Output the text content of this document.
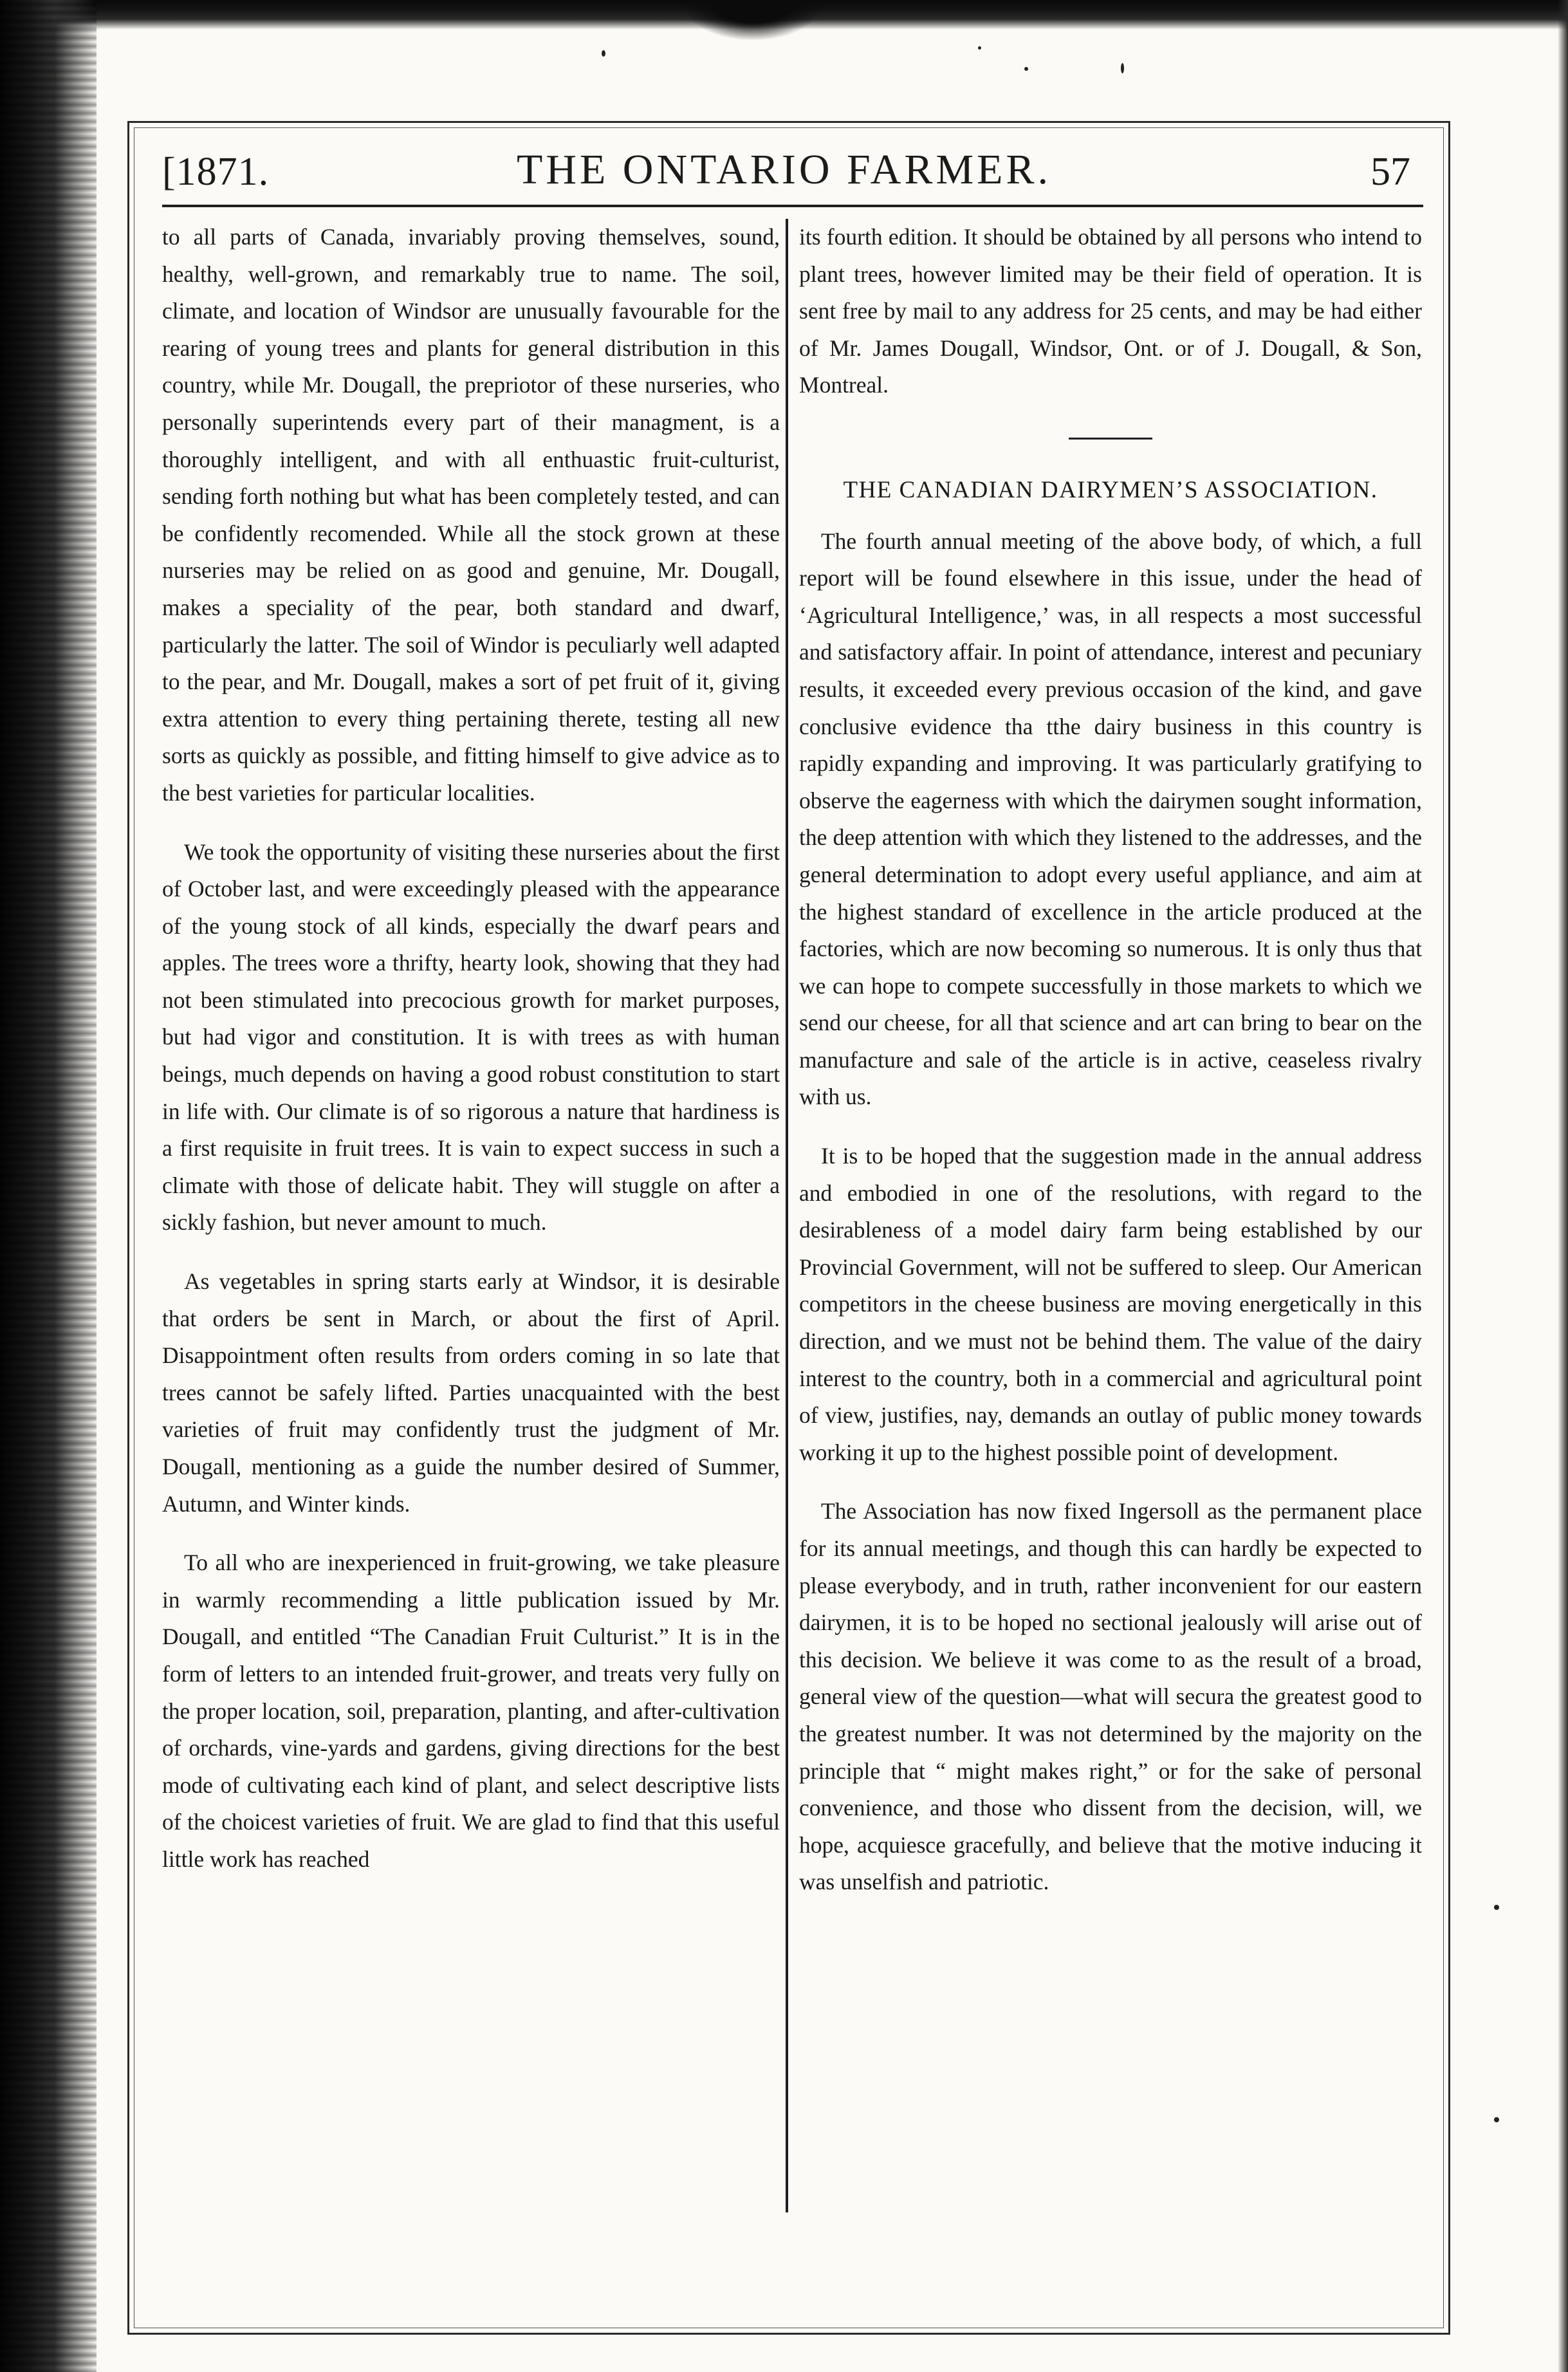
[1871.	THE ONTARIO FARMER.	57

to all parts of Canada, invariably proving themselves, sound, healthy, well-grown, and remarkably true to name. The soil, climate, and location of Windsor are unusually favourable for the rearing of young trees and plants for general distribution in this country, while Mr. Dougall, the prepriotor of these nurseries, who personally superintends every part of their managment, is a thoroughly intelligent, and with all enthuastic fruit-culturist, sending forth nothing but what has been completely tested, and can be confidently recomended. While all the stock grown at these nurseries may be relied on as good and genuine, Mr. Dougall, makes a speciality of the pear, both standard and dwarf, particularly the latter. The soil of Windor is peculiarly well adapted to the pear, and Mr. Dougall, makes a sort of pet fruit of it, giving extra attention to every thing pertaining therete, testing all new sorts as quickly as possible, and fitting himself to give advice as to the best varieties for particular localities.

We took the opportunity of visiting these nurseries about the first of October last, and were exceedingly pleased with the appearance of the young stock of all kinds, especially the dwarf pears and apples. The trees wore a thrifty, hearty look, showing that they had not been stimulated into precocious growth for market purposes, but had vigor and constitution. It is with trees as with human beings, much depends on having a good robust constitution to start in life with. Our climate is of so rigorous a nature that hardiness is a first requisite in fruit trees. It is vain to expect success in such a climate with those of delicate habit. They will stuggle on after a sickly fashion, but never amount to much.

As vegetables in spring starts early at Windsor, it is desirable that orders be sent in March, or about the first of April. Disappointment often results from orders coming in so late that trees cannot be safely lifted. Parties unacquainted with the best varieties of fruit may confidently trust the judgment of Mr. Dougall, mentioning as a guide the number desired of Summer, Autumn, and Winter kinds.

To all who are inexperienced in fruit-growing, we take pleasure in warmly recommending a little publication issued by Mr. Dougall, and entitled “The Canadian Fruit Culturist.” It is in the form of letters to an intended fruit-grower, and treats very fully on the proper location, soil, preparation, planting, and after-cultivation of orchards, vine-yards and gardens, giving directions for the best mode of cultivating each kind of plant, and select descriptive lists of the choicest varieties of fruit. We are glad to find that this useful little work has reached

its fourth edition. It should be obtained by all persons who intend to plant trees, however limited may be their field of operation. It is sent free by mail to any address for 25 cents, and may be had either of Mr. James Dougall, Windsor, Ont. or of J. Dougall, & Son, Montreal.

THE CANADIAN DAIRYMEN’S ASSOCIATION.

The fourth annual meeting of the above body, of which, a full report will be found elsewhere in this issue, under the head of ‘Agricultural Intelligence,’ was, in all respects a most successful and satisfactory affair. In point of attendance, interest and pecuniary results, it exceeded every previous occasion of the kind, and gave conclusive evidence tha tthe dairy business in this country is rapidly expanding and improving. It was particularly gratifying to observe the eagerness with which the dairymen sought information, the deep attention with which they listened to the addresses, and the general determination to adopt every useful appliance, and aim at the highest standard of excellence in the article produced at the factories, which are now becoming so numerous. It is only thus that we can hope to compete successfully in those markets to which we send our cheese, for all that science and art can bring to bear on the manufacture and sale of the article is in active, ceaseless rivalry with us.

It is to be hoped that the suggestion made in the annual address and embodied in one of the resolutions, with regard to the desirableness of a model dairy farm being established by our Provincial Government, will not be suffered to sleep. Our American competitors in the cheese business are moving energetically in this direction, and we must not be behind them. The value of the dairy interest to the country, both in a commercial and agricultural point of view, justifies, nay, demands an outlay of public money towards working it up to the highest possible point of development.

The Association has now fixed Ingersoll as the permanent place for its annual meetings, and though this can hardly be expected to please everybody, and in truth, rather inconvenient for our eastern dairymen, it is to be hoped no sectional jealously will arise out of this decision. We believe it was come to as the result of a broad, general view of the question—what will secura the greatest good to the greatest number. It was not determined by the majority on the principle that “ might makes right,” or for the sake of personal convenience, and those who dissent from the decision, will, we hope, acquiesce gracefully, and believe that the motive inducing it was unselfish and patriotic.
